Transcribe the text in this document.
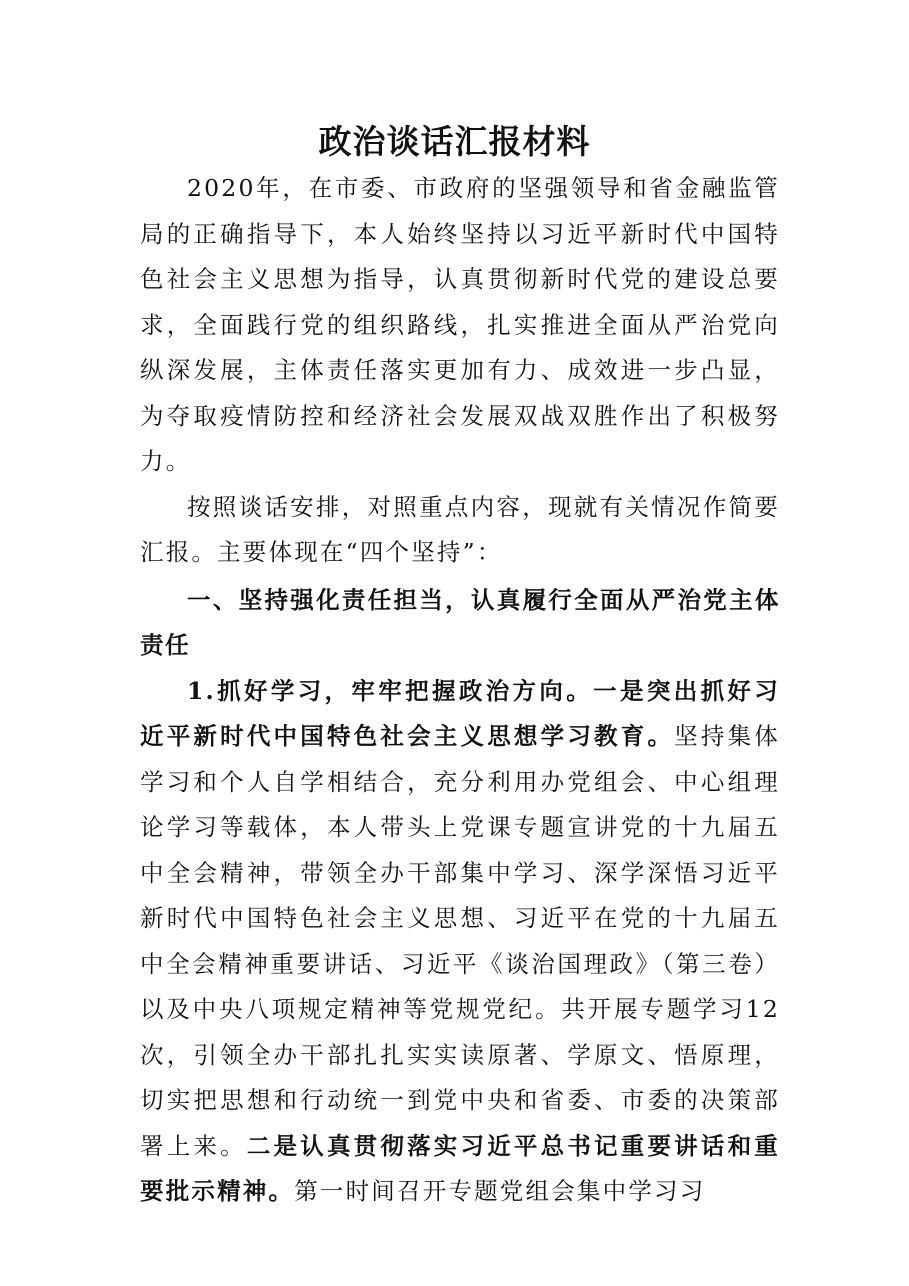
政治谈话汇报材料

2020年，在市委、市政府的坚强领导和省金融监管局的正确指导下，本人始终坚持以习近平新时代中国特色社会主义思想为指导，认真贯彻新时代党的建设总要求，全面践行党的组织路线，扎实推进全面从严治党向纵深发展，主体责任落实更加有力、成效进一步凸显，为夺取疫情防控和经济社会发展双战双胜作出了积极努力。

按照谈话安排，对照重点内容，现就有关情况作简要汇报。主要体现在“四个坚持”：

一、坚持强化责任担当，认真履行全面从严治党主体责任

1.抓好学习，牢牢把握政治方向。一是突出抓好习近平新时代中国特色社会主义思想学习教育。坚持集体学习和个人自学相结合，充分利用办党组会、中心组理论学习等载体，本人带头上党课专题宣讲党的十九届五中全会精神，带领全办干部集中学习、深学深悟习近平新时代中国特色社会主义思想、习近平在党的十九届五中全会精神重要讲话、习近平《谈治国理政》（第三卷）以及中央八项规定精神等党规党纪。共开展专题学习12次，引领全办干部扎扎实实读原著、学原文、悟原理，切实把思想和行动统一到党中央和省委、市委的决策部署上来。二是认真贯彻落实习近平总书记重要讲话和重要批示精神。第一时间召开专题党组会集中学习习
